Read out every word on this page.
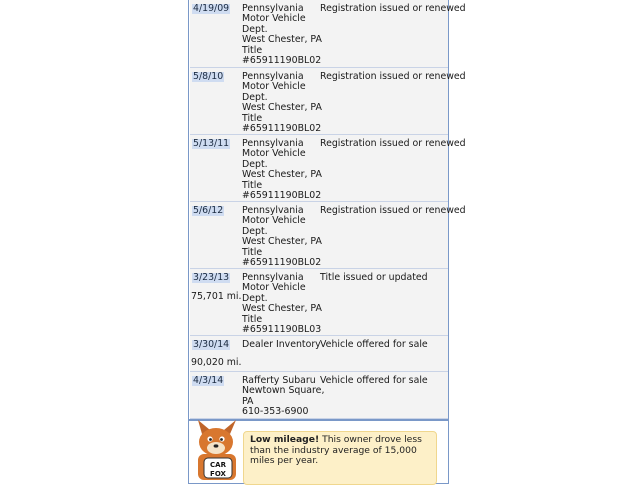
4/19/09 Pennsylvania
Motor Vehicle
Dept.
West Chester, PA
Title
#65911190BL02
Registration issued or renewed
5/8/10 Pennsylvania
Motor Vehicle
Dept.
West Chester, PA
Title
#65911190BL02
Registration issued or renewed
5/13/11 Pennsylvania
Motor Vehicle
Dept.
West Chester, PA
Title
#65911190BL02
Registration issued or renewed
5/6/12 Pennsylvania
Motor Vehicle
Dept.
West Chester, PA
Title
#65911190BL02
Registration issued or renewed
3/23/13
75,701 mi.
Pennsylvania
Motor Vehicle
Dept.
West Chester, PA
Title
#65911190BL03
Title issued or updated
3/30/14
90,020 mi.
Dealer Inventory Vehicle offered for sale
4/3/14 Rafferty Subaru
Newtown Square,
PA
610-353-6900
Vehicle offered for sale
CAR
FOX
Low mileage! This owner drove less than the industry average of 15,000 miles per year.
